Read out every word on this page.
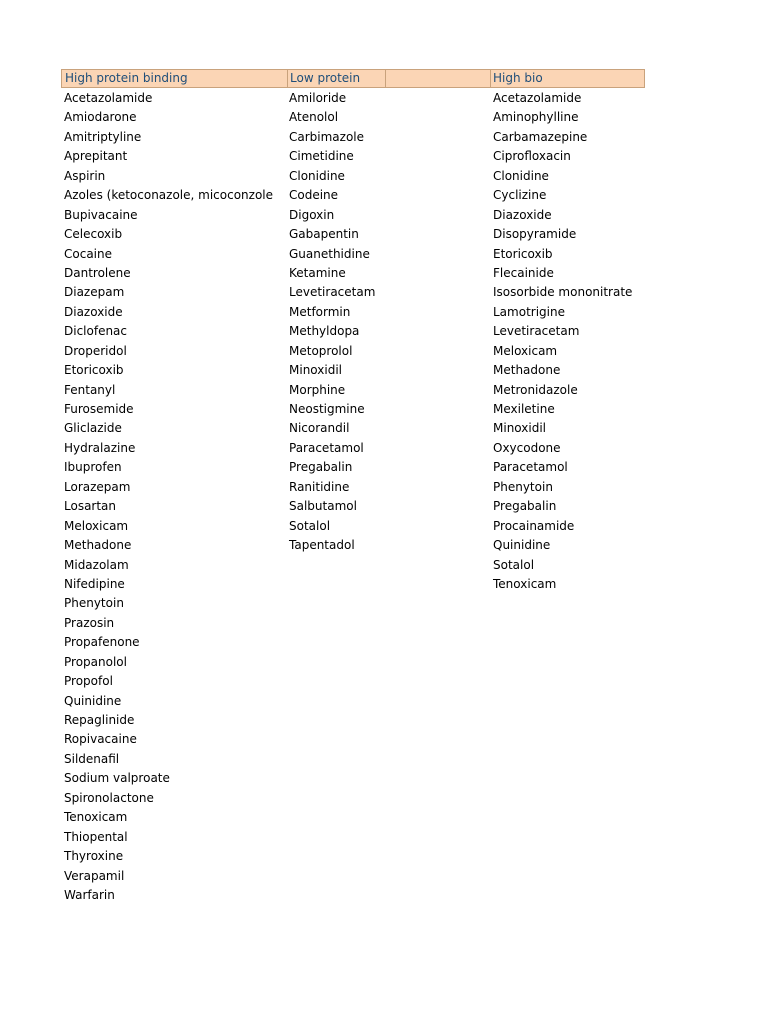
High protein binding	Low protein	High bio
Acetazolamide
Amiodarone
Amitriptyline
Aprepitant
Aspirin
Azoles (ketoconazole, micoconzole
Bupivacaine
Celecoxib
Cocaine
Dantrolene
Diazepam
Diazoxide
Diclofenac
Droperidol
Etoricoxib
Fentanyl
Furosemide
Gliclazide
Hydralazine
Ibuprofen
Lorazepam
Losartan
Meloxicam
Methadone
Midazolam
Nifedipine
Phenytoin
Prazosin
Propafenone
Propanolol
Propofol
Quinidine
Repaglinide
Ropivacaine
Sildenafil
Sodium valproate
Spironolactone
Tenoxicam
Thiopental
Thyroxine
Verapamil
Warfarin
Amiloride
Atenolol
Carbimazole
Cimetidine
Clonidine
Codeine
Digoxin
Gabapentin
Guanethidine
Ketamine
Levetiracetam
Metformin
Methyldopa
Metoprolol
Minoxidil
Morphine
Neostigmine
Nicorandil
Paracetamol
Pregabalin
Ranitidine
Salbutamol
Sotalol
Tapentadol
Acetazolamide
Aminophylline
Carbamazepine
Ciprofloxacin
Clonidine
Cyclizine
Diazoxide
Disopyramide
Etoricoxib
Flecainide
Isosorbide mononitrate
Lamotrigine
Levetiracetam
Meloxicam
Methadone
Metronidazole
Mexiletine
Minoxidil
Oxycodone
Paracetamol
Phenytoin
Pregabalin
Procainamide
Quinidine
Sotalol
Tenoxicam
